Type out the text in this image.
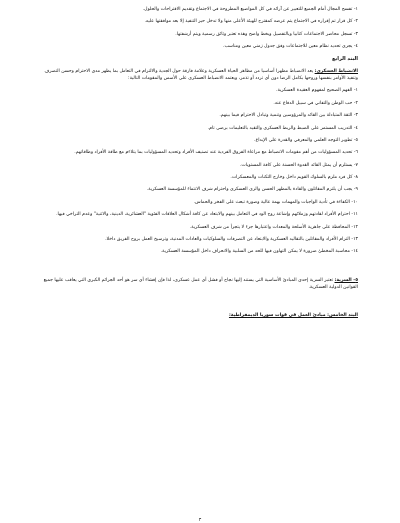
١- تفسح المجال أمام الجميع للتعبير عن آرائه في كل المواضيع المطروحة في الاجتماع وتقديم الاقتراحات والحلول.

٢- كل قرار تم إقراره في الاجتماع يتم عرضه كمقترح للهيئة الأعلى منها ولا تدخل حيز التنفيذ إلا بعد موافقتها عليه.

٣- تسجل محاضر الاجتماعات كتابيا وبالتفصيل وبخط واضح وهذه تعتبر وثائق رسمية ويتم أرشفتها.

٤- يجري تحديد نظام معين للاجتماعات وفق جدول زمني معين ومناسب.

البند الرابع

الانضباط العسكري: يعد الانضباط مظهرا أساسيا من مظاهر الحياة العسكرية وعلامة فارقة حول الجدية والالتزام في التعامل بما يظهر مدى الاحترام وحسن التصرف وتنفيذ الأوامر بنفسها وروحها بكامل الرضا دون أي تردد أو تذمر، ويعتمد الانضباط العسكري على الأسس والمقومات التالية:

١- الفهم الصحيح لمفهوم العقيدة العسكرية.

٢- حب الوطن والتفاني في سبيل الدفاع عنه.

٣- الثقة المتبادلة بين القائد والمرؤوسين وتنمية وتبادل الاحترام فيما بينهم.

٤- التدريب المستمر على الضبط والربط العسكري والتقيد بالتعليمات برضى تام.

٥- تطوير التوجه العلمي والمعرفي والقدرة على الإبداع.

٦- تحديد المسؤوليات من أهم مقومات الانضباط مع مراعاة الفروق الفردية عند تصنيف الأفراد وتحديد المسؤوليات بما يتلاءم مع طاقة الأفراد وطاقاتهم.

٧- يستلزم أن يمثل القائد القدوة الحسنة على كافة المستويات.

٨- كل فرد ملزم بالسلوك القويم داخل وخارج الثكنات والمعسكرات.

٩- يجب أن يلتزم المقاتلون والقادة بالمظهر الحسن والزي العسكري واحترام شرف الانتماء للمؤسسة العسكرية.

١٠- الكفاءة في تأدية الواجبات والمهمات بهمة عالية وصورة تبعث على الفخر والحماس.

١١- احترام الأفراد لقادتهم وزملائهم وإشاعة روح الود في التعامل بينهم والابتعاد عن كافة أشكال العلاقات الفئوية "العشائرية، الدينية، والاثنية" وعدم التراخي فيها.

١٢- المحافظة على جاهزية الأسلحة والمعدات واعتبارها جزء لا يتجزأ من شرف العسكرية.

١٣- التزام الأفراد والمقاتلين بالتقاليد العسكرية والابتعاد عن التصرفات والسلوكيات والعادات المدنية، وترسيخ العمل بروح الفريق داخلا.

١٤- محاسبة المخطئ ضرورة لا يمكن التهاون فيها للحد من السلبية والانحراف داخل المؤسسة العسكرية.

٥- السرية: تعتبر السرية إحدى المبادئ الأساسية التي يستند إليها نجاح أو فشل أي عمل عسكري، لذا فإن إفشاء أي سر هو أحد الجرائم الكبرى التي يعاقب عليها جميع القوانين الدولية العسكرية.

البند الخامس: مبادئ العمل في قوات سوريا الديمقراطية:

٣
